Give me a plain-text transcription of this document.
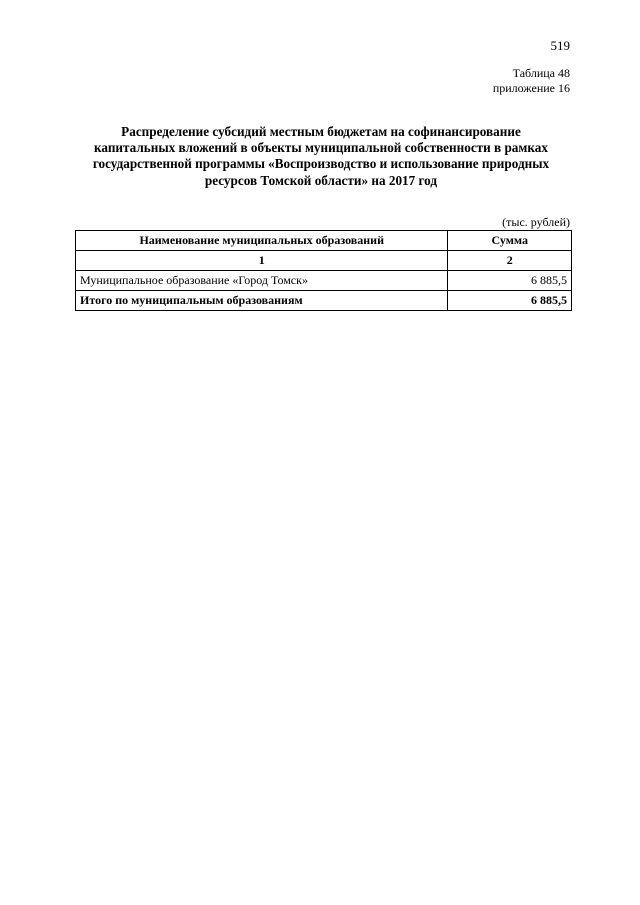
519
Таблица 48
приложение 16
Распределение субсидий местным бюджетам на софинансирование
капитальных вложений в объекты муниципальной собственности в рамках
государственной программы «Воспроизводство и использование природных
ресурсов Томской области» на 2017 год
(тыс. рублей)
Наименование муниципальных образований	Сумма
1	2
Муниципальное образование «Город Томск»	6 885,5
Итого по муниципальным образованиям	6 885,5
